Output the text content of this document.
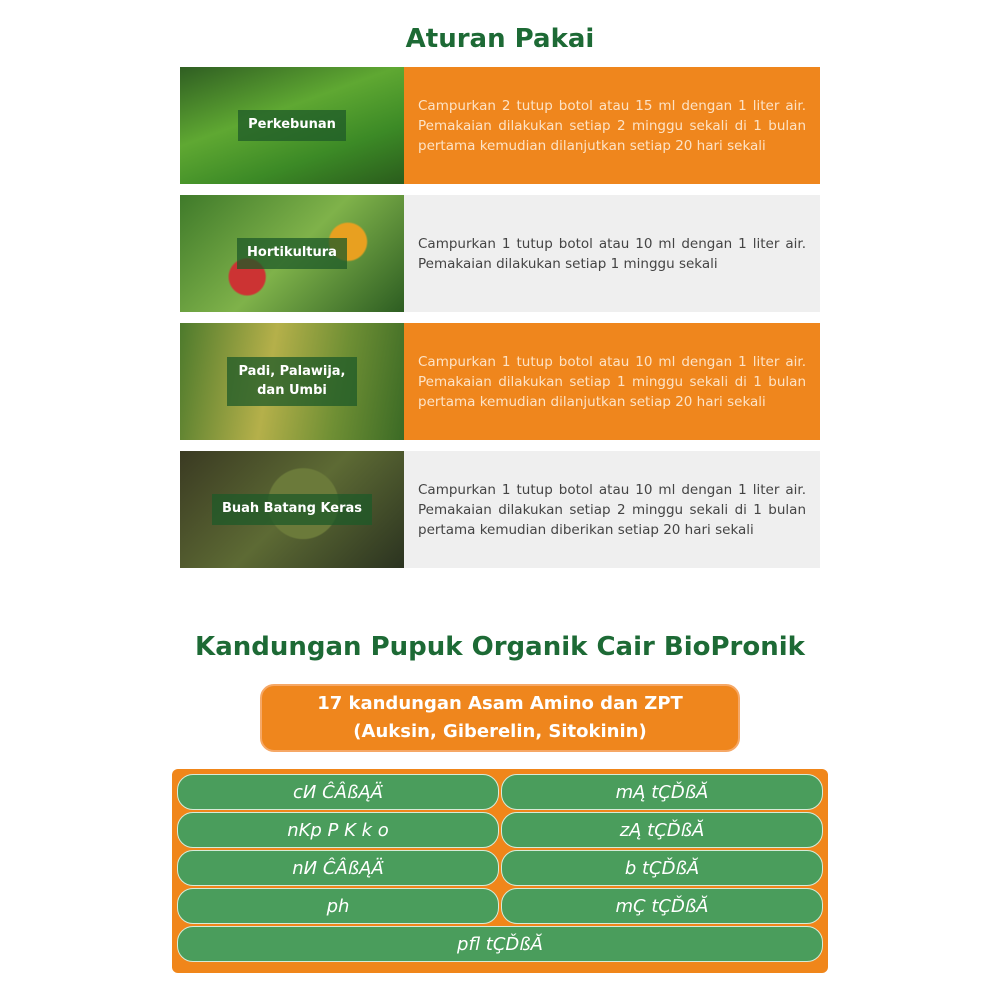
Aturan Pakai
Perkebunan
Campurkan 2 tutup botol atau 15 ml dengan 1 liter air. Pemakaian dilakukan setiap 2 minggu sekali di 1 bulan pertama kemudian dilanjutkan setiap 20 hari sekali
Hortikultura
Campurkan 1 tutup botol atau 10 ml dengan 1 liter air. Pemakaian dilakukan setiap 1 minggu sekali
Padi, Palawija, dan Umbi
Campurkan 1 tutup botol atau 10 ml dengan 1 liter air. Pemakaian dilakukan setiap 1 minggu sekali di 1 bulan pertama kemudian dilanjutkan setiap 20 hari sekali
Buah Batang Keras
Campurkan 1 tutup botol atau 10 ml dengan 1 liter air. Pemakaian dilakukan setiap 2 minggu sekali di 1 bulan pertama kemudian diberikan setiap 20 hari sekali
Kandungan Pupuk Organik Cair BioPronik
17 kandungan Asam Amino dan ZPT
(Auksin, Giberelin, Sitokinin)
cИ ĈÂßĄÄ̈	mĄ tÇĎßĂ
nKp P K k o	zĄ tÇĎßĂ
nИ ĈÂßĄÄ̈	b tÇĎßĂ
ph	mÇ tÇĎßĂ
pfl tÇĎßĂ
